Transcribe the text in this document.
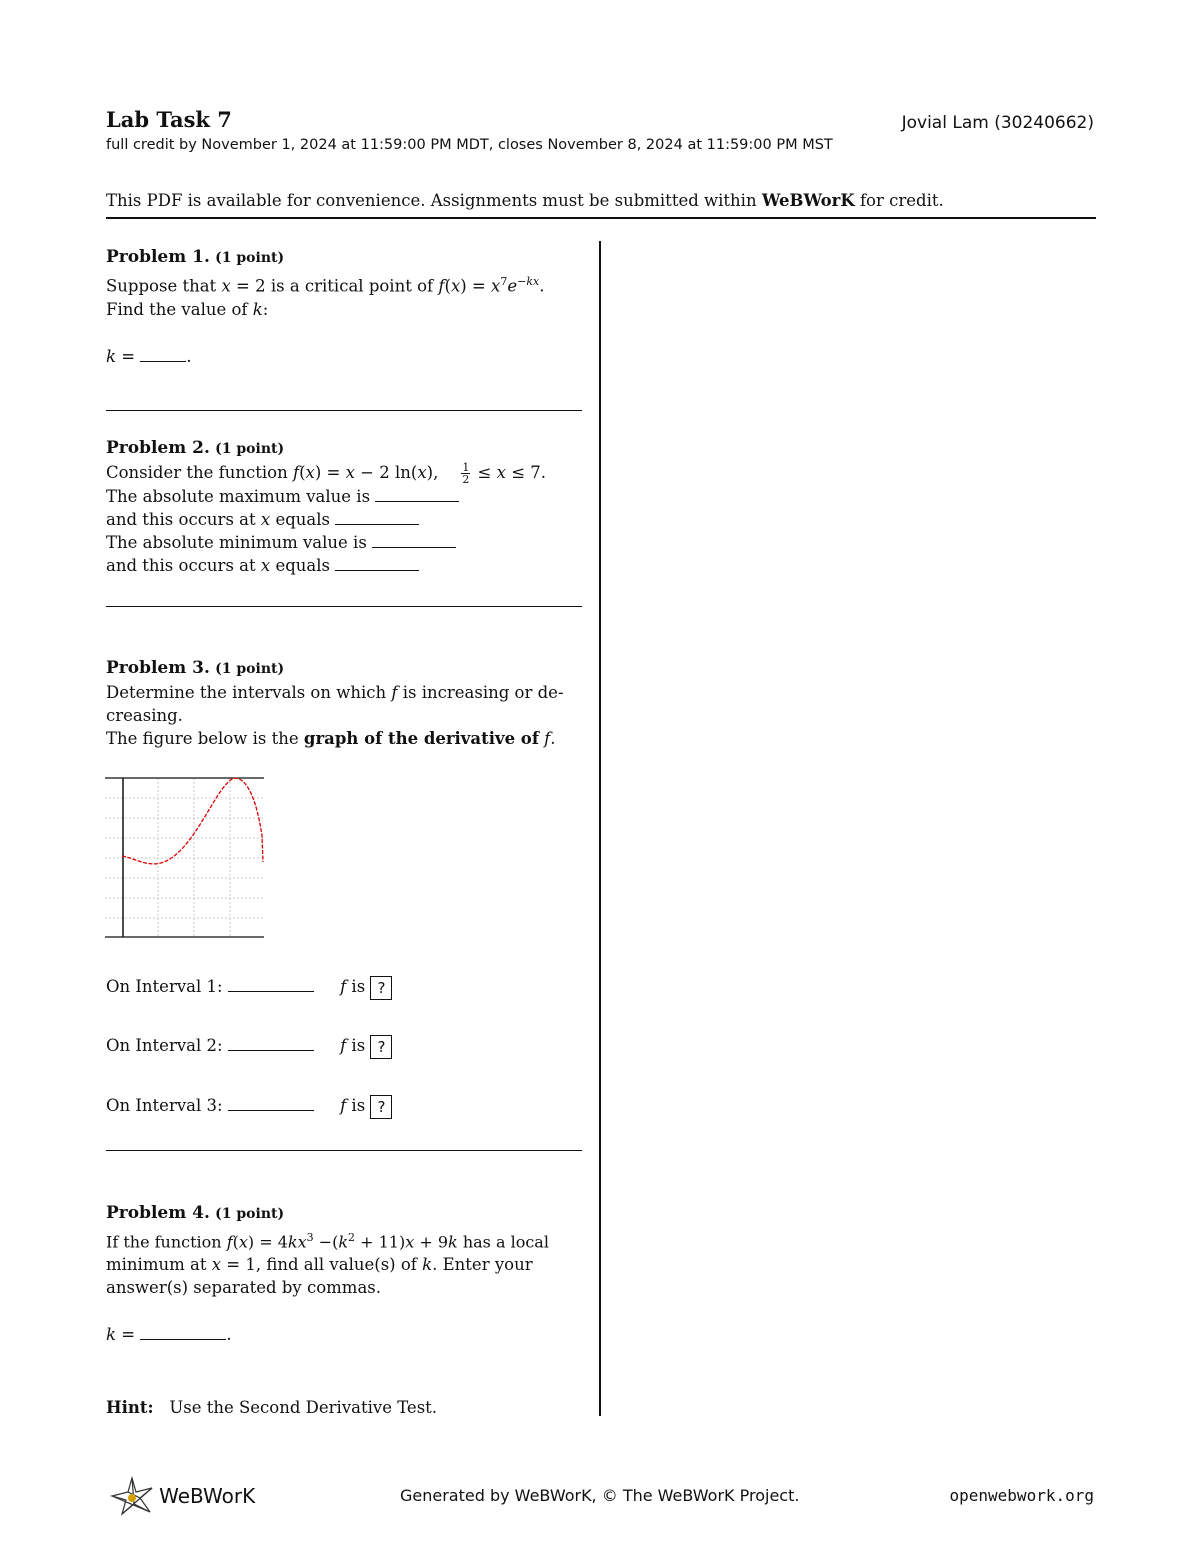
Lab Task 7	Jovial Lam (30240662)
full credit by November 1, 2024 at 11:59:00 PM MDT, closes November 8, 2024 at 11:59:00 PM MST
This PDF is available for convenience. Assignments must be submitted within WeBWorK for credit.
Problem 1. (1 point)
Suppose that x = 2 is a critical point of $f(x) = x^7e^{-kx}$.
Find the value of k:
k =	.
Problem 2. (1 point)
Consider the function f(x) = x − 2 ln(x), $\frac{1}{2} \le x \le 7$.
The absolute maximum value is
and this occurs at x equals
The absolute minimum value is
and this occurs at x equals
Problem 3. (1 point)
Determine the intervals on which f is increasing or de-
creasing.
The figure below is the graph of the derivative of f.
On Interval 1:	f is ?
On Interval 2:	f is ?
On Interval 3:	f is ?
Problem 4. (1 point)
If the function $f(x) = 4kx^3 -(k^2 + 11)x + 9k$ has a local
minimum at x = 1, find all value(s) of k. Enter your
answer(s) separated by commas.
k =	.
Hint: Use the Second Derivative Test.
WeBWorK	Generated by WeBWorK, © The WeBWorK Project.	openwebwork.org
